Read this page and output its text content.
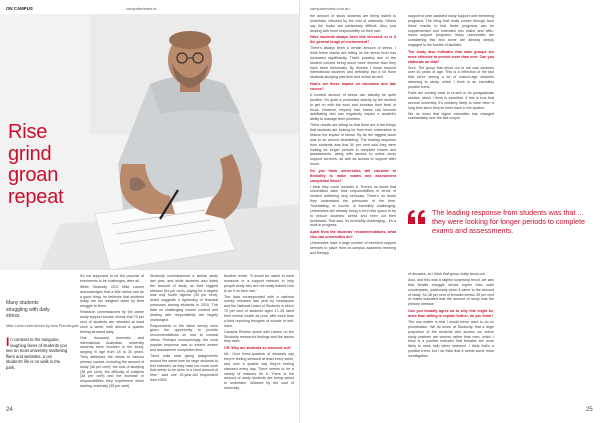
ON CAMPUS	computertimes.ie
Rise
grind
groan
repeat
Many students struggling with daily stress.
Mike Larsen interviewed by Nola Prendergast
In contrast to the sanguine, laughing faces of students you see on most university marketing fliers and websites, a uni student's life is no walk in the park.

It's not supposed to be the purpose of enrolments to be challenges, after all.

While Studocity CEO Mike Larsen acknowledges that a little stress can be a good thing, he believes that students today are too weighed down by their struggle to learn.

Research commissioned by the online study support service shows that 70 per cent of students are stressed at least once a week, with almost a quarter feeling stressed daily.

One thousand domestic and international Australian university students were involved in the study, ranging in age from 18 to 30 years. They attributed the stress to various primary causes, including the amount of study (46 per cent), the cost of studying (38 per cent), the difficulty of subjects (36 per cent) and the increase in responsibilities they experience when starting university (35 per cent).

Studocity commissioned a similar study last year, and while students also listed the amount of study as their biggest stressor (54 per cent), paying for a degree was only fourth highest (49 per cent), which suggests a tightening of financial pressures among students in 2019. The data on challenging course content and dealing with responsibility are largely unchanged.

Respondents to the latest survey were given the opportunity to provide recommendations on how to combat stress. Perhaps unsurprisingly, the most popular response was to extend exams and assessment completion time.

"Most units start giving assignments around the same time for large students to feel stressed, as they have too much work that needs to be done in a short amount of time," said one 19-year-old respondent from NSW.

Another wrote: "It would be useful to have someone or a support network to help people study who are not really trained how to do it on their own."

The data corresponded with a national survey released last year by headspace and the National Union of Students in which 70 per cent of students aged 17–25 rated their mental health as poor, with more than a third reporting thoughts of suicide or self-harm.

Campus Review spoke with Larsen on the Studocity research's findings and the issues they raise.

CR: Why are students so stressed out?

ML: Over three-quarters of students say they're feeling stressed at least every week, and over a quarter say they're feeling stressed every day. There seems to be a variety of reasons for it. There is the amount of study students are being asked to undertake, followed by the cost of university.

24
campusreview.com.au

the amount of study students are being asked to undertake, followed by the cost of university. Others say the topics are particularly difficult. Also, just dealing with more responsibility on their own.

Have students always been this stressed, or is it the general tough of environment?

There's always been a certain amount of stress. I think these results are telling us the stress level has increased significantly. That's possibly due to the student cohorts being much more diverse than they have been historically. By diverse I mean beyond international students and definitely into a lot more students studying part-time and online as well.

How's are these impact on education and late course?

A modest amount of stress can actually be quite positive. It's quite a productive activity by the student to get on with the work and increase their level of focus. However, beyond that, stress can become debilitating and can negatively impact a student's ability to manage their priorities.

There results are telling us that there are a few things that students are looking for from their universities to reduce the impact of stress. By far the biggest issue was to do around timetabling. The leading response from students was that 50 per cent said they were looking for longer periods to complete exams and assessments, along with access to online study support services, as well as access to support after hours.

Do you think universities will consider to flexibility to make exams and assessment completion times?

I think they could consider it. There's no doubt that universities tailor their responsibilities in terms of student wellbeing very seriously. There's no doubt they understand the pressures of the time. Timetabling, of course, is incredibly challenging. Universities are already doing a lot in this space to try to reduce students' stress and even out their workloads. That said, it's incredibly challenging – it's a work in progress.

Apart from the students' recommendations, what else can universities do?

Universities have a large number of excellent support services in place from on-campus academic learning and therapy

support to peer-assisted study support and mentoring programs. The thing that really comes through from these results is that those programs can be supplemented and extended into online and after-hours support programs. Many universities are considering this and some are already deeply engaged in the booths of facilities.

The study also indicates that male groups are more effective to persist more than ever. Can you elaborate on that?

Sure. The group that stood out to me was students over 40 years of age. This is a reflection of the fact that we're seeing a lot of mature-age students returning to study, which I think is an incredibly positive trend.

Folks are coming back to re-skill or do postgraduate studies, which I think is excellent. If this is true that several university, it's certainly likely to have been a long time since they've been back in the system.

We do know that higher education has changed substantially over the last couple

of decades, so I think that group really stood out.

Also, and this was a slightly surprising result, we saw that female struggle shows higher than male counterparts, particularly when it came to the amount of study. So 48 per cent of females versus 39 per cent of males indicated that the amount of study was the primary stressor.

Can you broadly agree as to why this might be, more than willing to explain further, do you think?

The one matter is that I would never want to do on prioritisation. We do know, at Studocity, that a large proportion of the students who access our online study platform are women rather than men, which I think is a positive indicator that females are more likely to seek help when stressed. I think that's a positive trend, but I do think that it needs some more investigation.

25
The leading response from students was that ... they were looking for longer periods to complete exams and assessments.
